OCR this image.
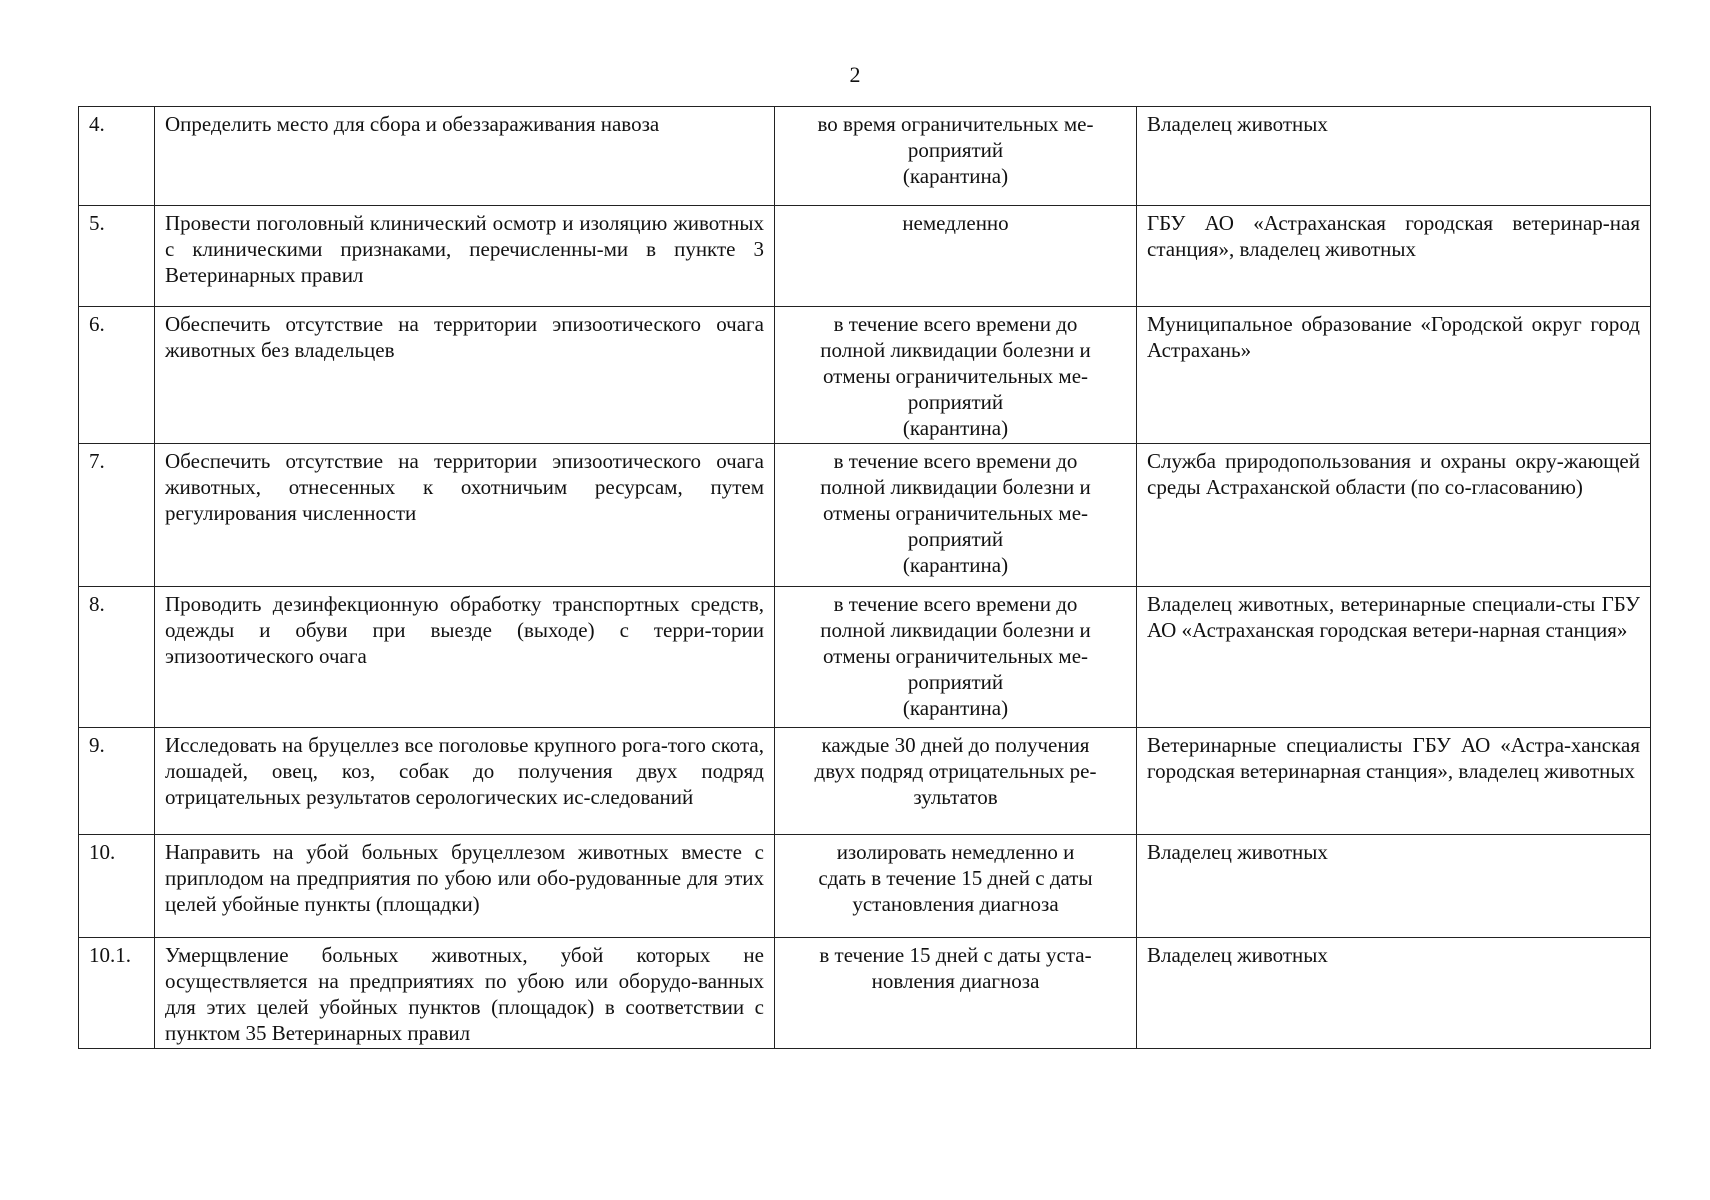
2
4.	Определить место для сбора и обеззараживания навоза	во время ограничительных ме-
роприятий
(карантина)	Владелец животных
5.	Провести поголовный клинический осмотр и изоляцию животных с клиническими признаками, перечисленны-ми в пункте 3 Ветеринарных правил	немедленно	ГБУ АО «Астраханская городская ветеринар-ная станция», владелец животных
6.	Обеспечить отсутствие на территории эпизоотического очага животных без владельцев	в течение всего времени до
полной ликвидации болезни и
отмены ограничительных ме-
роприятий
(карантина)	Муниципальное образование «Городской округ город Астрахань»
7.	Обеспечить отсутствие на территории эпизоотического очага животных, отнесенных к охотничьим ресурсам, путем регулирования численности	в течение всего времени до
полной ликвидации болезни и
отмены ограничительных ме-
роприятий
(карантина)	Служба природопользования и охраны окру-жающей среды Астраханской области (по со-гласованию)
8.	Проводить дезинфекционную обработку транспортных средств, одежды и обуви при выезде (выходе) с терри-тории эпизоотического очага	в течение всего времени до
полной ликвидации болезни и
отмены ограничительных ме-
роприятий
(карантина)	Владелец животных, ветеринарные специали-сты ГБУ АО «Астраханская городская ветери-нарная станция»
9.	Исследовать на бруцеллез все поголовье крупного рога-того скота, лошадей, овец, коз, собак до получения двух подряд отрицательных результатов серологических ис-следований	каждые 30 дней до получения
двух подряд отрицательных ре-
зультатов	Ветеринарные специалисты ГБУ АО «Астра-ханская городская ветеринарная станция», владелец животных
10.	Направить на убой больных бруцеллезом животных вместе с приплодом на предприятия по убою или обо-рудованные для этих целей убойные пункты (площадки)	изолировать немедленно и
сдать в течение 15 дней с даты
установления диагноза	Владелец животных
10.1.	Умерщвление больных животных, убой которых не осуществляется на предприятиях по убою или оборудо-ванных для этих целей убойных пунктов (площадок) в соответствии с пунктом 35 Ветеринарных правил	в течение 15 дней с даты уста-
новления диагноза	Владелец животных
